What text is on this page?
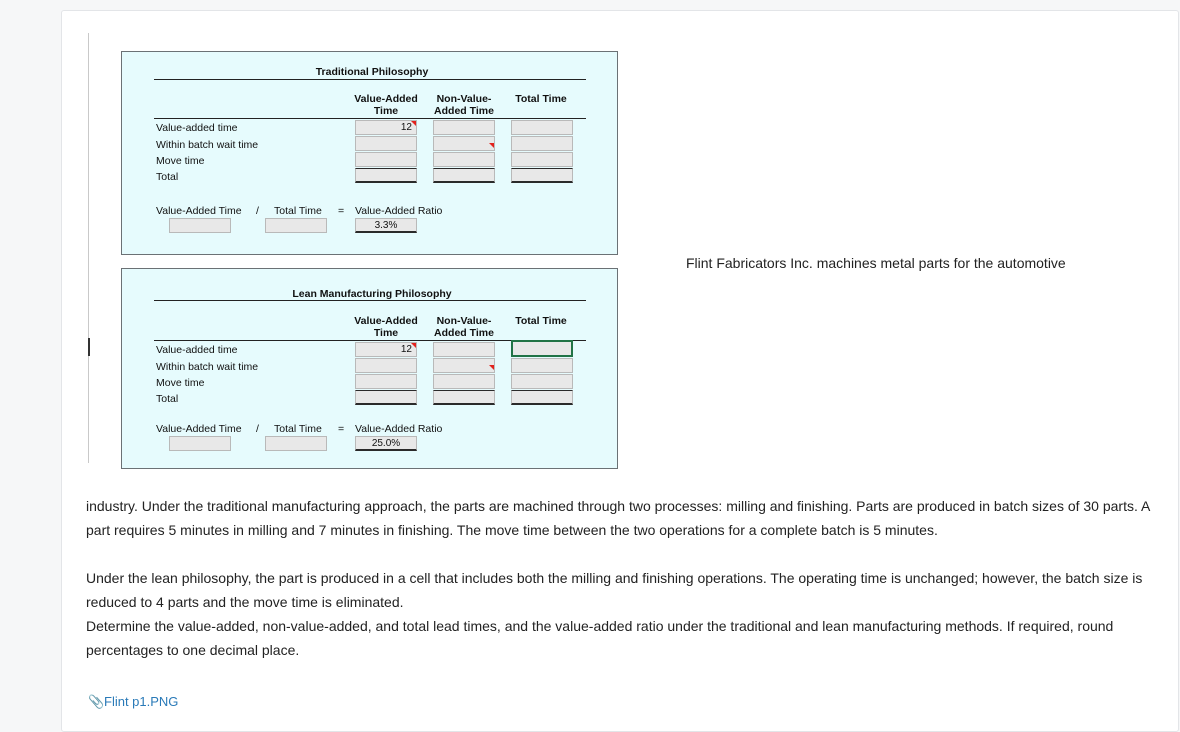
Traditional Philosophy
Value-Added Time
Non-Value-Added Time
Total Time
Value-added time
Within batch wait time
Move time
Total
12
Value-Added Time / Total Time = Value-Added Ratio
3.3%
Lean Manufacturing Philosophy
Value-Added Time
Non-Value-Added Time
Total Time
Value-added time
Within batch wait time
Move time
Total
12
Value-Added Time / Total Time = Value-Added Ratio
25.0%
Flint Fabricators Inc. machines metal parts for the automotive
industry. Under the traditional manufacturing approach, the parts are machined through two processes: milling and finishing. Parts are produced in batch sizes of 30 parts. A part requires 5 minutes in milling and 7 minutes in finishing. The move time between the two operations for a complete batch is 5 minutes.
Under the lean philosophy, the part is produced in a cell that includes both the milling and finishing operations. The operating time is unchanged; however, the batch size is reduced to 4 parts and the move time is eliminated.
Determine the value-added, non-value-added, and total lead times, and the value-added ratio under the traditional and lean manufacturing methods. If required, round percentages to one decimal place.
📎Flint p1.PNG
